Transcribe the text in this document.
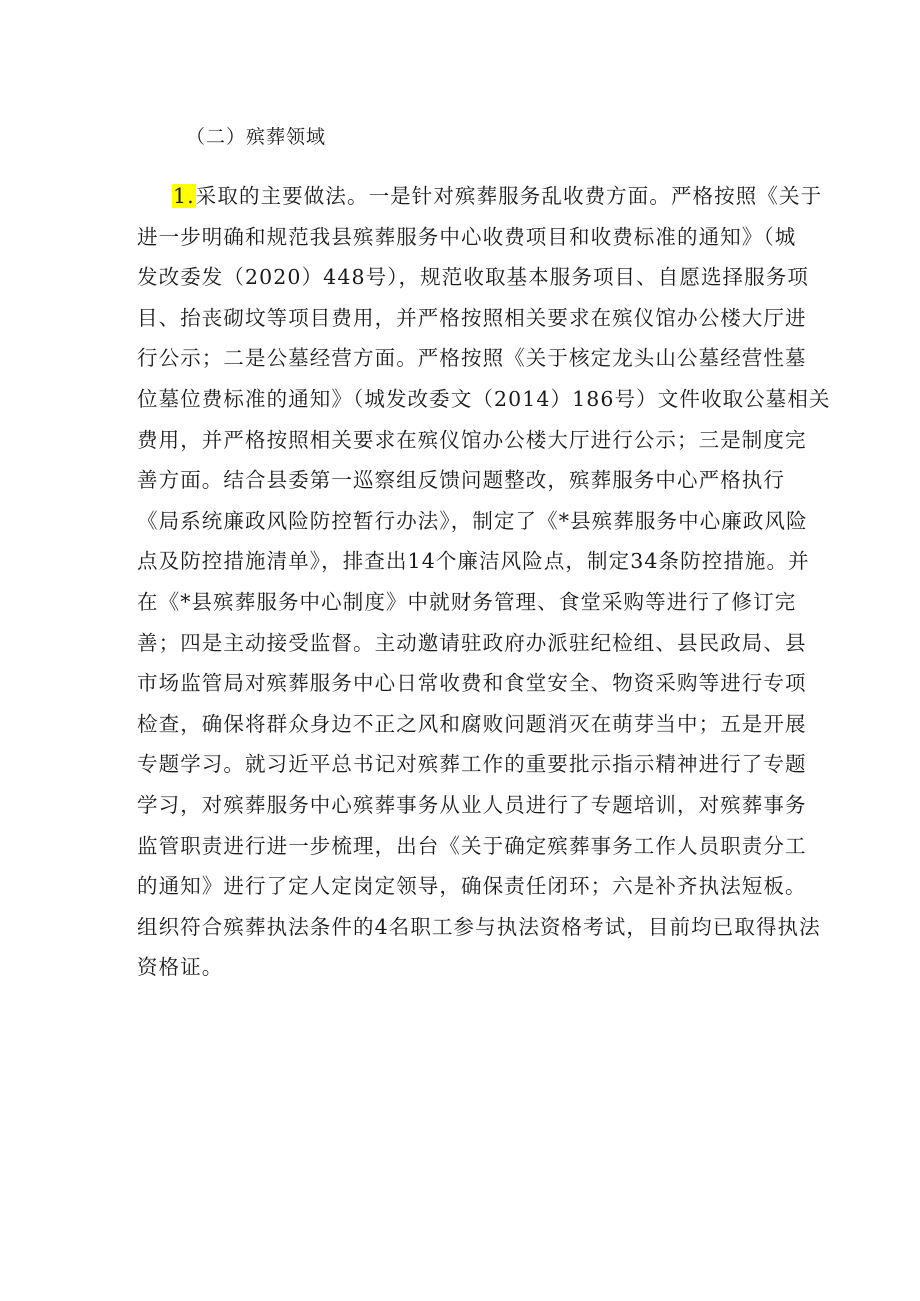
（二）殡葬领域
1.采取的主要做法。一是针对殡葬服务乱收费方面。严格按照《关于
进一步明确和规范我县殡葬服务中心收费项目和收费标准的通知》（城
发改委发（2020）448号），规范收取基本服务项目、自愿选择服务项
目、抬丧砌坟等项目费用，并严格按照相关要求在殡仪馆办公楼大厅进
行公示；二是公墓经营方面。严格按照《关于核定龙头山公墓经营性墓
位墓位费标准的通知》（城发改委文（2014）186号）文件收取公墓相关
费用，并严格按照相关要求在殡仪馆办公楼大厅进行公示；三是制度完
善方面。结合县委第一巡察组反馈问题整改，殡葬服务中心严格执行
《局系统廉政风险防控暂行办法》，制定了《*县殡葬服务中心廉政风险
点及防控措施清单》，排查出14个廉洁风险点，制定34条防控措施。并
在《*县殡葬服务中心制度》中就财务管理、食堂采购等进行了修订完
善；四是主动接受监督。主动邀请驻政府办派驻纪检组、县民政局、县
市场监管局对殡葬服务中心日常收费和食堂安全、物资采购等进行专项
检查，确保将群众身边不正之风和腐败问题消灭在萌芽当中；五是开展
专题学习。就习近平总书记对殡葬工作的重要批示指示精神进行了专题
学习，对殡葬服务中心殡葬事务从业人员进行了专题培训，对殡葬事务
监管职责进行进一步梳理，出台《关于确定殡葬事务工作人员职责分工
的通知》进行了定人定岗定领导，确保责任闭环；六是补齐执法短板。
组织符合殡葬执法条件的4名职工参与执法资格考试，目前均已取得执法
资格证。
